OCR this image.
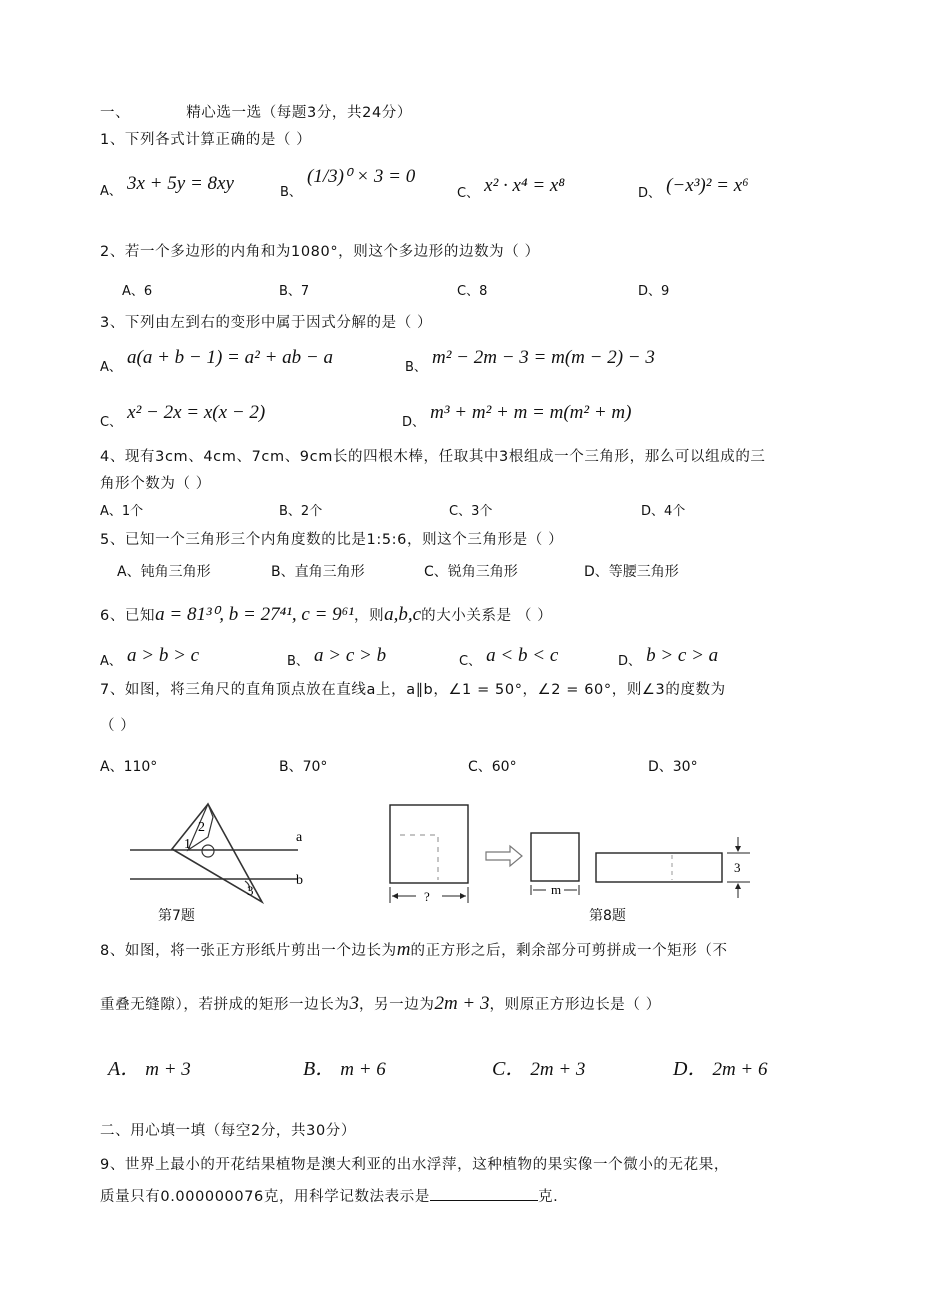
一、	精心选一选（每题3分，共24分）
1、下列各式计算正确的是（ ）
$_{A、}$ 3x + 5y = 8xy	$_{B、}$ (1/3)⁰ × 3 = 0
$_{C、}$ x² · x⁴ = x⁸	$_{D、}$ (−x³)² = x⁶
2、若一个多边形的内角和为1080°，则这个多边形的边数为（ ）
A、6	B、7	C、8	D、9
3、下列由左到右的变形中属于因式分解的是（ ）
$_{A、}$ a(a + b − 1) = a² + ab − a	$_{B、}$ m² − 2m − 3 = m(m − 2) − 3
$_{C、}$ x² − 2x = x(x − 2)	$_{D、}$ m³ + m² + m = m(m² + m)
4、现有3cm、4cm、7cm、9cm长的四根木棒，任取其中3根组成一个三角形，那么可以组成的三
角形个数为（ ）
A、1个	B、2个	C、3个	D、4个
5、已知一个三角形三个内角度数的比是1:5:6，则这个三角形是（ ）
A、钝角三角形	B、直角三角形	C、锐角三角形	D、等腰三角形
6、已知a = 81³⁰, b = 27⁴¹, c = 9⁶¹，则a,b,c的大小关系是 （ ）
$_{A、}$ a > b > c	$_{B、}$ a > c > b	$_{C、}$ a < b < c	$_{D、}$ b > c > a
7、如图，将三角尺的直角顶点放在直线a上，a∥b，∠1 = 50°，∠2 = 60°，则∠3的度数为
（ ）
A、110°	B、70°	C、60°	D、30°
1
2
3
a
b
第7题
?	m
3
第8题
8、如图，将一张正方形纸片剪出一个边长为m的正方形之后，剩余部分可剪拼成一个矩形（不
重叠无缝隙），若拼成的矩形一边长为3，另一边为2m + 3，则原正方形边长是（ ）
A． m + 3	B． m + 6	C． 2m + 3	D． 2m + 6
二、用心填一填（每空2分，共30分）
9、世界上最小的开花结果植物是澳大利亚的出水浮萍，这种植物的果实像一个微小的无花果，
质量只有0.000000076克，用科学记数法表示是	克.
